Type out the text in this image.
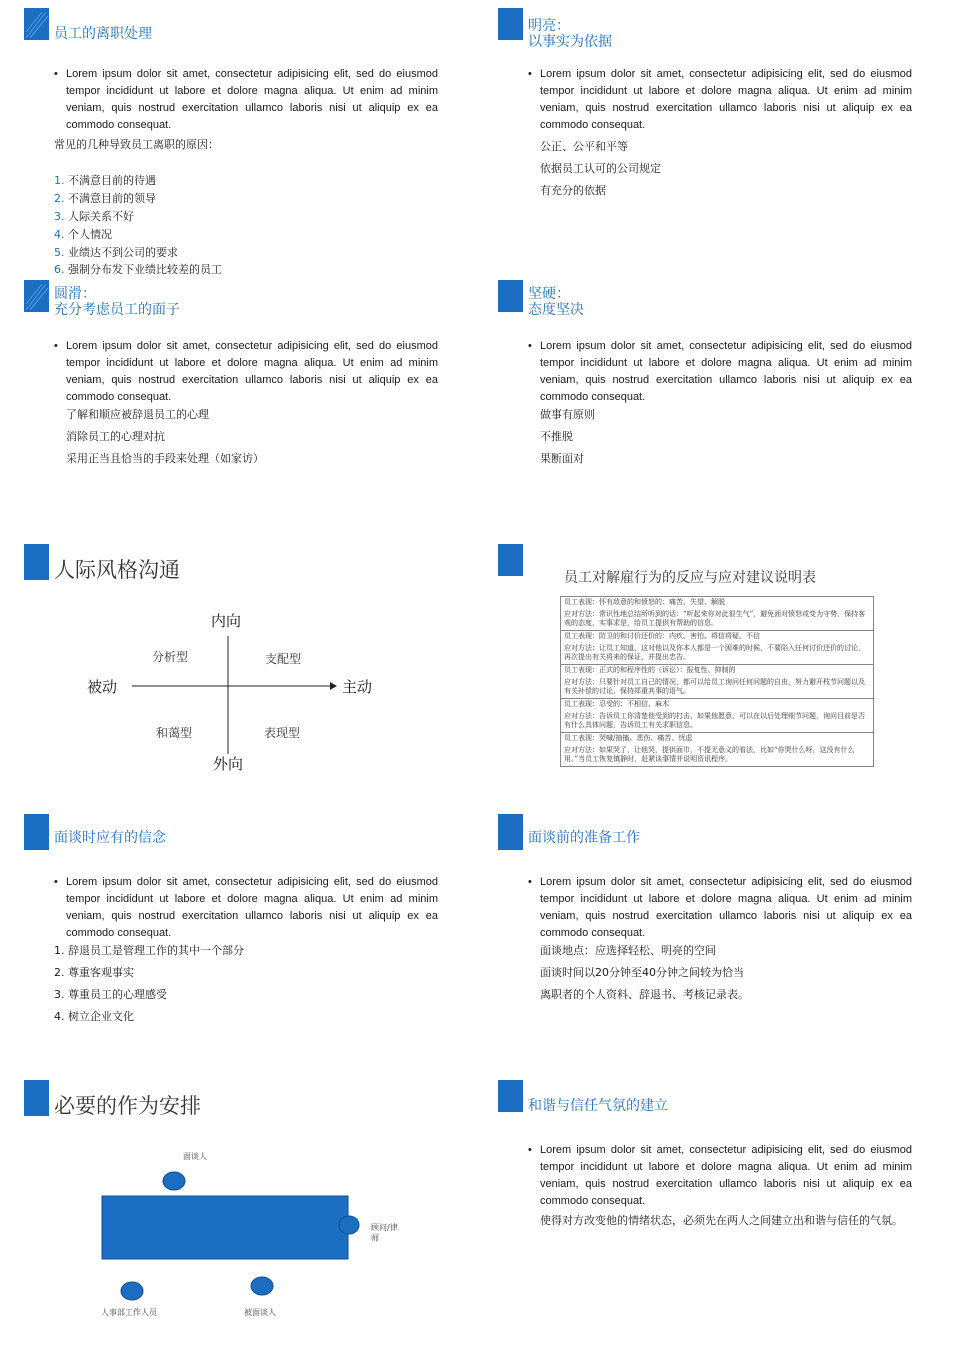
员工的离职处理
• Lorem ipsum dolor sit amet, consectetur adipisicing elit, sed do eiusmod tempor incididunt ut labore et dolore magna aliqua. Ut enim ad minim veniam, quis nostrud exercitation ullamco laboris nisi ut aliquip ex ea commodo consequat.
常见的几种导致员工离职的原因：
1. 不满意目前的待遇
2. 不满意目前的领导
3. 人际关系不好
4. 个人情况
5. 业绩达不到公司的要求
6. 强制分布发下业绩比较差的员工
明亮：
以事实为依据
• Lorem ipsum dolor sit amet, consectetur adipisicing elit, sed do eiusmod tempor incididunt ut labore et dolore magna aliqua. Ut enim ad minim veniam, quis nostrud exercitation ullamco laboris nisi ut aliquip ex ea commodo consequat.
公正、公平和平等
依据员工认可的公司规定
有充分的依据
圆滑：
充分考虑员工的面子
• Lorem ipsum dolor sit amet, consectetur adipisicing elit, sed do eiusmod tempor incididunt ut labore et dolore magna aliqua. Ut enim ad minim veniam, quis nostrud exercitation ullamco laboris nisi ut aliquip ex ea commodo consequat.
了解和顺应被辞退员工的心理
消除员工的心理对抗
采用正当且恰当的手段来处理（如家访）
坚硬：
态度坚决
• Lorem ipsum dolor sit amet, consectetur adipisicing elit, sed do eiusmod tempor incididunt ut labore et dolore magna aliqua. Ut enim ad minim veniam, quis nostrud exercitation ullamco laboris nisi ut aliquip ex ea commodo consequat.
做事有原则
不推脱
果断面对
人际风格沟通
内向
外向
被动	主动
分析型	支配型
和蔼型	表现型
员工对解雇行为的反应与应对建议说明表
员工表现：怀有敌意的和愤怒的：痛苦、失望、解脱
应对方法：常识性地总结所听到的话：“听起来你对此很生气”，避免面对愤怒或变为守势，保持客观的态度，实事求是，给员工提供有帮助的信息。
员工表现：防卫的和讨价还价的：内疚、害怕、将信将疑、不信
应对方法：让员工知道，这对他以及你本人都是一个困难的时候，不要陷入任何讨价还价的讨论，再次提出有关将来的保证，并提出忠告。
员工表现：正式的和程序性的（诉讼）：报复性、抑制的
应对方法：只要针对员工自己的情况，都可以给员工询问任何问题的自由，努力避开枝节问题以及有关补偿的讨论，保持郑重其事的语气。
员工表现：忍受的：不相信、麻木
应对方法：告诉员工你清楚他受到的打击，如果他愿意，可以在以后处理细节问题，询问目前是否有什么具体问题，告诉员工有关求职信息。
员工表现：哭喊/抽搐、悲伤、痛苦、忧虑
应对方法：如果哭了，让他哭，提供面巾，不提无意义的看法，比如“你哭什么呀，这没有什么用。”当员工恢复镇静时，赶紧谈事情并说明资讯程序。
面谈时应有的信念
• Lorem ipsum dolor sit amet, consectetur adipisicing elit, sed do eiusmod tempor incididunt ut labore et dolore magna aliqua. Ut enim ad minim veniam, quis nostrud exercitation ullamco laboris nisi ut aliquip ex ea commodo consequat.
1. 辞退员工是管理工作的其中一个部分
2. 尊重客观事实
3. 尊重员工的心理感受
4. 树立企业文化
面谈前的准备工作
• Lorem ipsum dolor sit amet, consectetur adipisicing elit, sed do eiusmod tempor incididunt ut labore et dolore magna aliqua. Ut enim ad minim veniam, quis nostrud exercitation ullamco laboris nisi ut aliquip ex ea commodo consequat.
面谈地点：应选择轻松、明亮的空间
面谈时间以20分钟至40分钟之间较为恰当
离职者的个人资料、辞退书、考核记录表。
必要的作为安排
面谈人
顾问/律
师
人事部工作人员	被面谈人
和谐与信任气氛的建立
• Lorem ipsum dolor sit amet, consectetur adipisicing elit, sed do eiusmod tempor incididunt ut labore et dolore magna aliqua. Ut enim ad minim veniam, quis nostrud exercitation ullamco laboris nisi ut aliquip ex ea commodo consequat.
使得对方改变他的情绪状态，必须先在两人之间建立出和谐与信任的气氛。
